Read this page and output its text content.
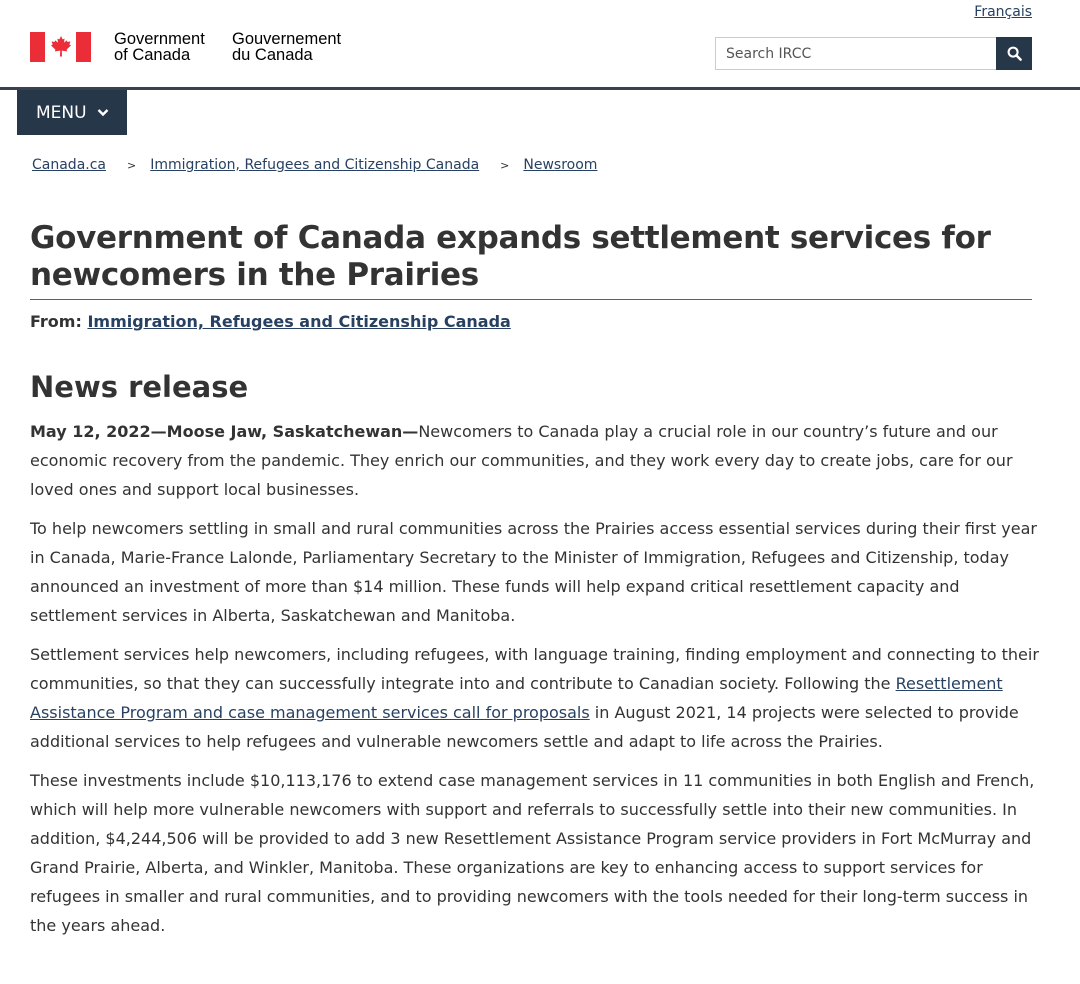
Français
Government
of Canada
Gouvernement
du Canada
Search IRCC
MENU
Canada.ca > Immigration, Refugees and Citizenship Canada > Newsroom
Government of Canada expands settlement services for newcomers in the Prairies
From: Immigration, Refugees and Citizenship Canada
News release

May 12, 2022—Moose Jaw, Saskatchewan—Newcomers to Canada play a crucial role in our country’s future and our economic recovery from the pandemic. They enrich our communities, and they work every day to create jobs, care for our loved ones and support local businesses.

To help newcomers settling in small and rural communities across the Prairies access essential services during their first year in Canada, Marie-France Lalonde, Parliamentary Secretary to the Minister of Immigration, Refugees and Citizenship, today announced an investment of more than $14 million. These funds will help expand critical resettlement capacity and settlement services in Alberta, Saskatchewan and Manitoba.

Settlement services help newcomers, including refugees, with language training, finding employment and connecting to their communities, so that they can successfully integrate into and contribute to Canadian society. Following the Resettlement Assistance Program and case management services call for proposals in August 2021, 14 projects were selected to provide additional services to help refugees and vulnerable newcomers settle and adapt to life across the Prairies.

These investments include $10,113,176 to extend case management services in 11 communities in both English and French, which will help more vulnerable newcomers with support and referrals to successfully settle into their new communities. In addition, $4,244,506 will be provided to add 3 new Resettlement Assistance Program service providers in Fort McMurray and Grand Prairie, Alberta, and Winkler, Manitoba. These organizations are key to enhancing access to support services for refugees in smaller and rural communities, and to providing newcomers with the tools needed for their long-term success in the years ahead.
